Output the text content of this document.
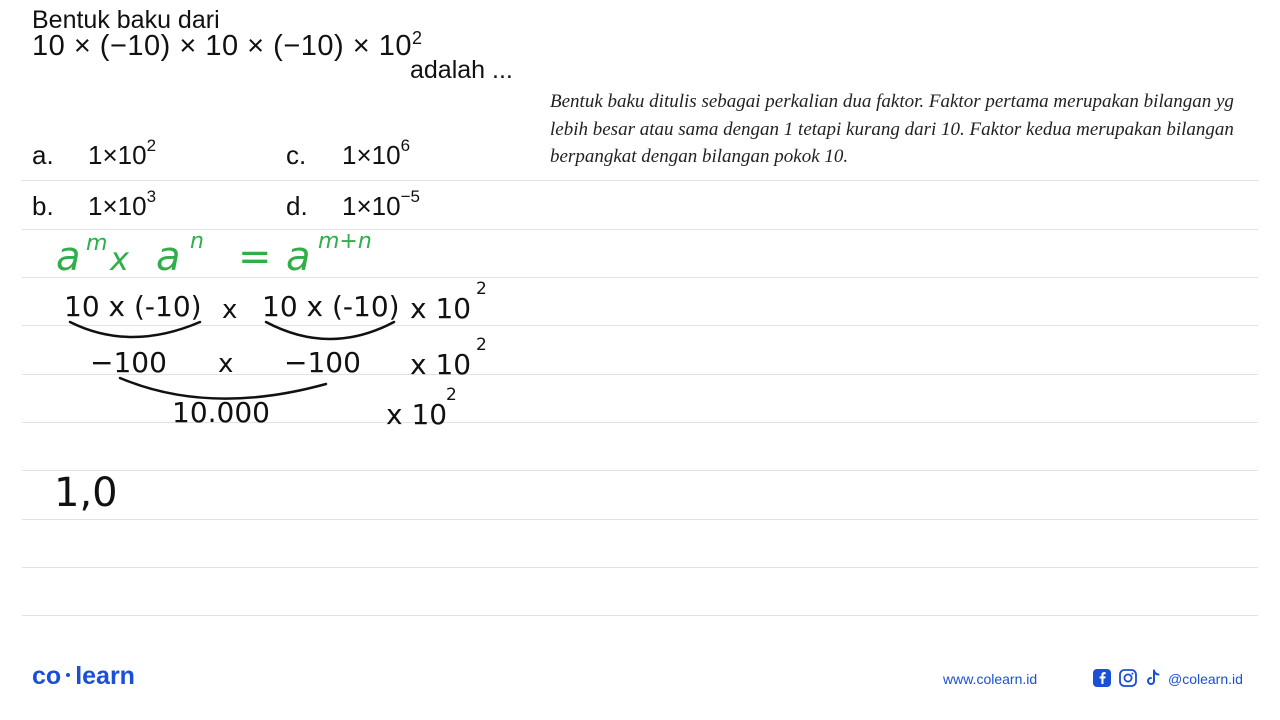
Bentuk baku dari
$10 \times (-10) \times 10 \times (-10) \times 10^2$
adalah ...
a. $1\times 10^2$
b. $1\times 10^3$
c. $1\times 10^6$
d. $1\times 10^{-5}$
Bentuk baku ditulis sebagai perkalian dua faktor. Faktor pertama merupakan bilangan yg lebih besar atau sama dengan 1 tetapi kurang dari 10. Faktor kedua merupakan bilangan berpangkat dengan bilangan pokok 10.
a m x a n = a m+n
10 x (-10) x 10 x (-10) x 10
2
−100 x −100 x 10
2
10.000	x 10
2
1,0
co learn	www.colearn.id	@colearn.id
